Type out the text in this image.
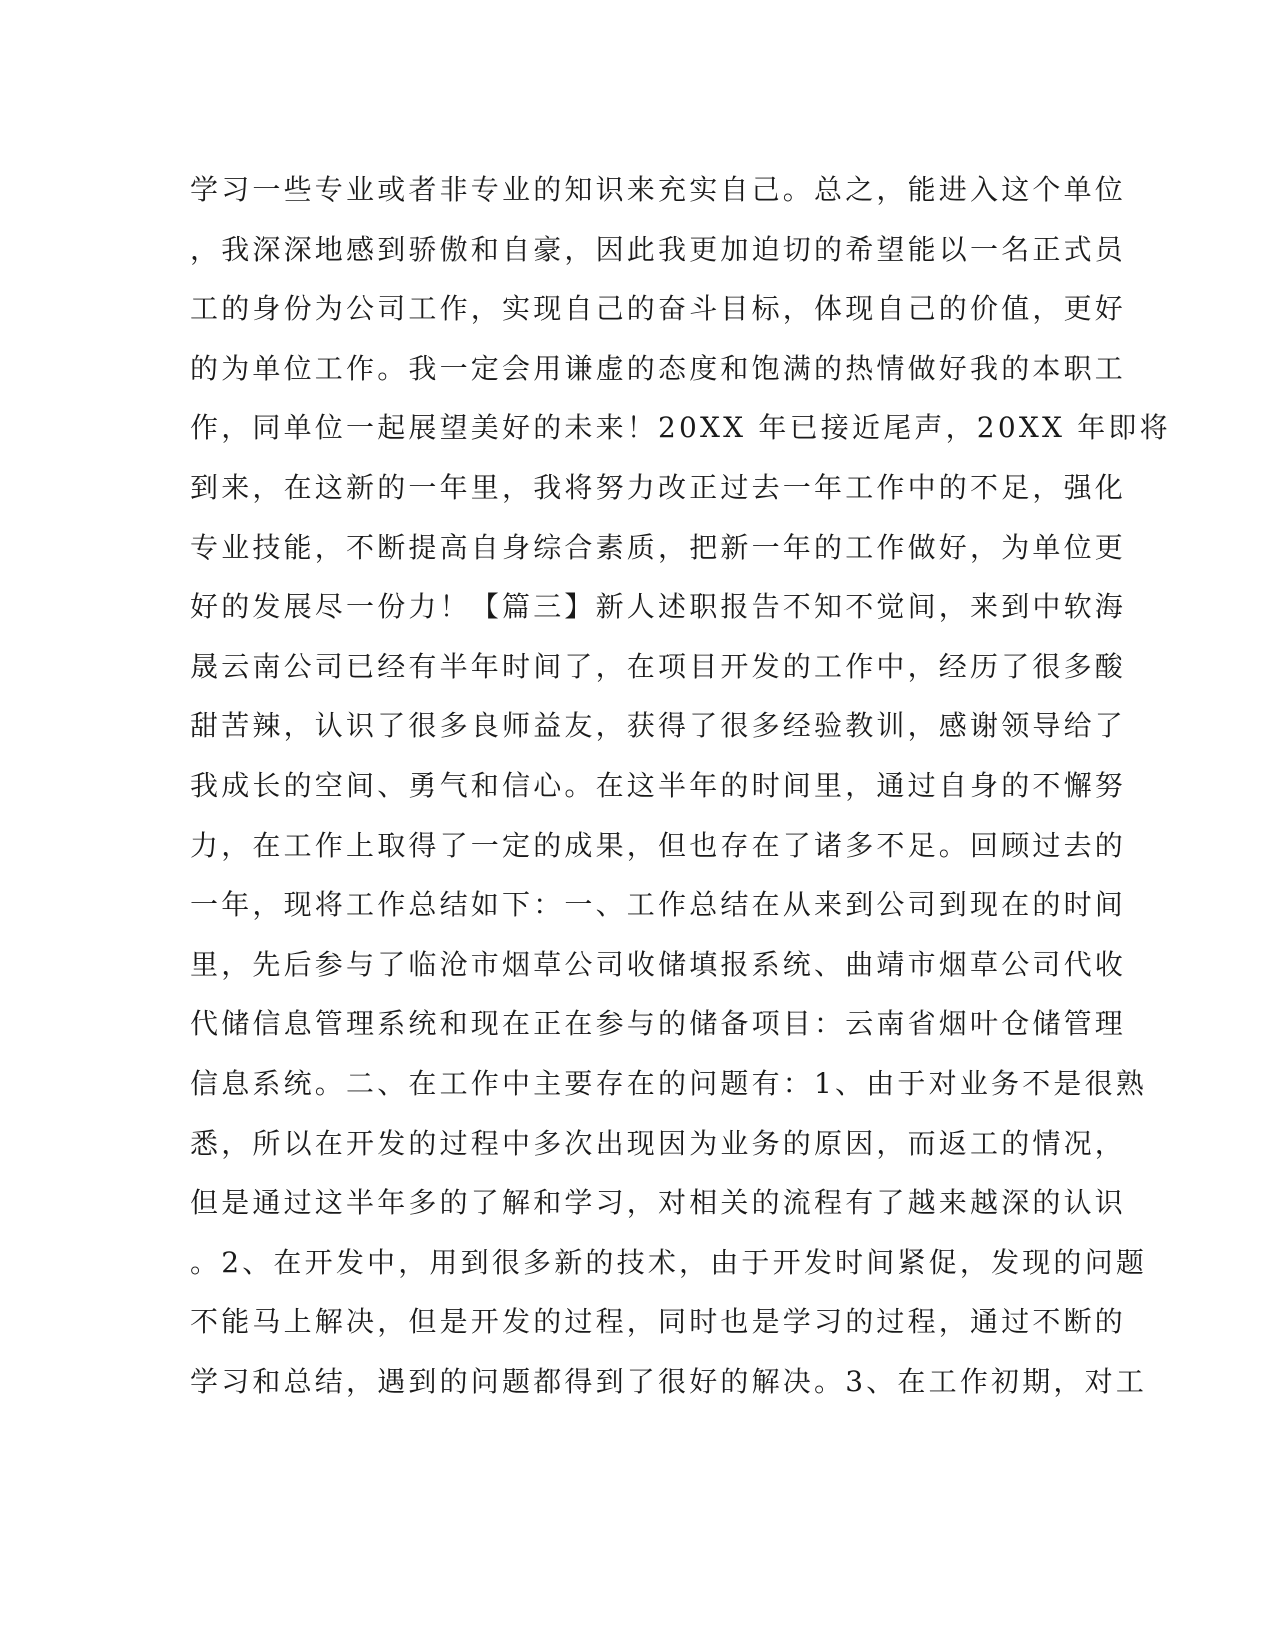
学习一些专业或者非专业的知识来充实自己。总之，能进入这个单位
，我深深地感到骄傲和自豪，因此我更加迫切的希望能以一名正式员
工的身份为公司工作，实现自己的奋斗目标，体现自己的价值，更好
的为单位工作。我一定会用谦虚的态度和饱满的热情做好我的本职工
作，同单位一起展望美好的未来！20XX 年已接近尾声，20XX 年即将
到来，在这新的一年里，我将努力改正过去一年工作中的不足，强化
专业技能，不断提高自身综合素质，把新一年的工作做好，为单位更
好的发展尽一份力！【篇三】新人述职报告不知不觉间，来到中软海
晟云南公司已经有半年时间了，在项目开发的工作中，经历了很多酸
甜苦辣，认识了很多良师益友，获得了很多经验教训，感谢领导给了
我成长的空间、勇气和信心。在这半年的时间里，通过自身的不懈努
力，在工作上取得了一定的成果，但也存在了诸多不足。回顾过去的
一年，现将工作总结如下：一、工作总结在从来到公司到现在的时间
里，先后参与了临沧市烟草公司收储填报系统、曲靖市烟草公司代收
代储信息管理系统和现在正在参与的储备项目：云南省烟叶仓储管理
信息系统。二、在工作中主要存在的问题有：1、由于对业务不是很熟
悉，所以在开发的过程中多次出现因为业务的原因，而返工的情况，
但是通过这半年多的了解和学习，对相关的流程有了越来越深的认识
。2、在开发中，用到很多新的技术，由于开发时间紧促，发现的问题
不能马上解决，但是开发的过程，同时也是学习的过程，通过不断的
学习和总结，遇到的问题都得到了很好的解决。3、在工作初期，对工
